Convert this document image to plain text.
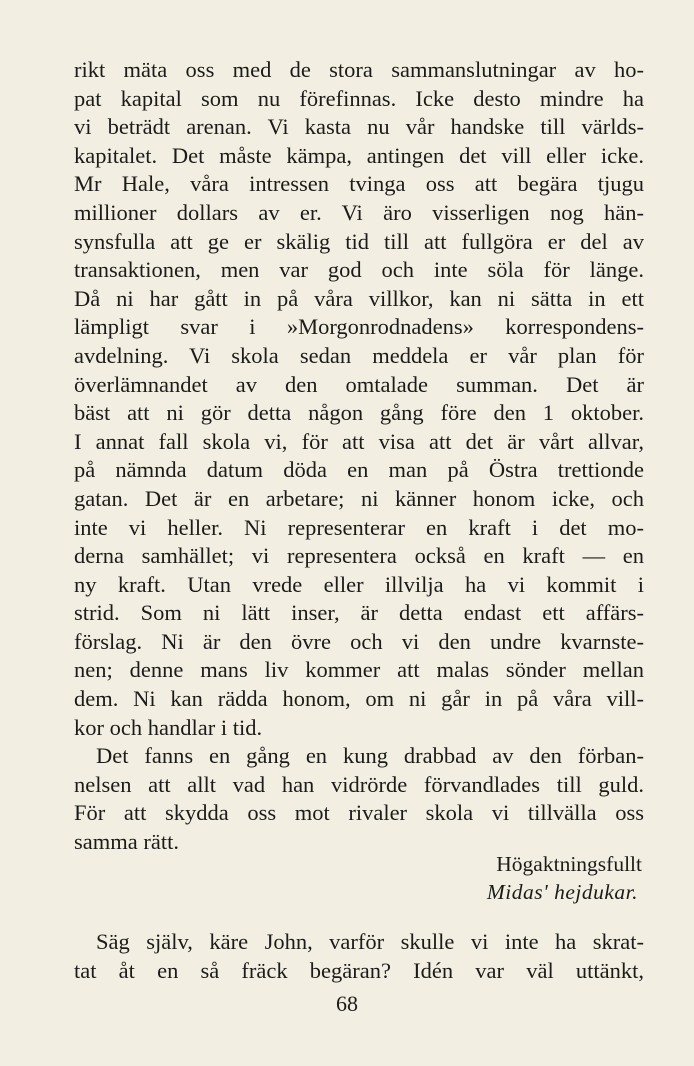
rikt mäta oss med de stora sammanslutningar av ho-
pat kapital som nu förefinnas. Icke desto mindre ha
vi beträdt arenan. Vi kasta nu vår handske till världs-
kapitalet. Det måste kämpa, antingen det vill eller icke.
Mr Hale, våra intressen tvinga oss att begära tjugu
millioner dollars av er. Vi äro visserligen nog hän-
synsfulla att ge er skälig tid till att fullgöra er del av
transaktionen, men var god och inte söla för länge.
Då ni har gått in på våra villkor, kan ni sätta in ett
lämpligt svar i »Morgonrodnadens» korrespondens-
avdelning. Vi skola sedan meddela er vår plan för
överlämnandet av den omtalade summan. Det är
bäst att ni gör detta någon gång före den 1 oktober.
I annat fall skola vi, för att visa att det är vårt allvar,
på nämnda datum döda en man på Östra trettionde
gatan. Det är en arbetare; ni känner honom icke, och
inte vi heller. Ni representerar en kraft i det mo-
derna samhället; vi representera också en kraft — en
ny kraft. Utan vrede eller illvilja ha vi kommit i
strid. Som ni lätt inser, är detta endast ett affärs-
förslag. Ni är den övre och vi den undre kvarnste-
nen; denne mans liv kommer att malas sönder mellan
dem. Ni kan rädda honom, om ni går in på våra vill-
kor och handlar i tid.
Det fanns en gång en kung drabbad av den förban-
nelsen att allt vad han vidrörde förvandlades till guld.
För att skydda oss mot rivaler skola vi tillvälla oss
samma rätt.
Högaktningsfullt
Midas' hejdukar.
Säg själv, käre John, varför skulle vi inte ha skrat-
tat åt en så fräck begäran? Idén var väl uttänkt,
68
